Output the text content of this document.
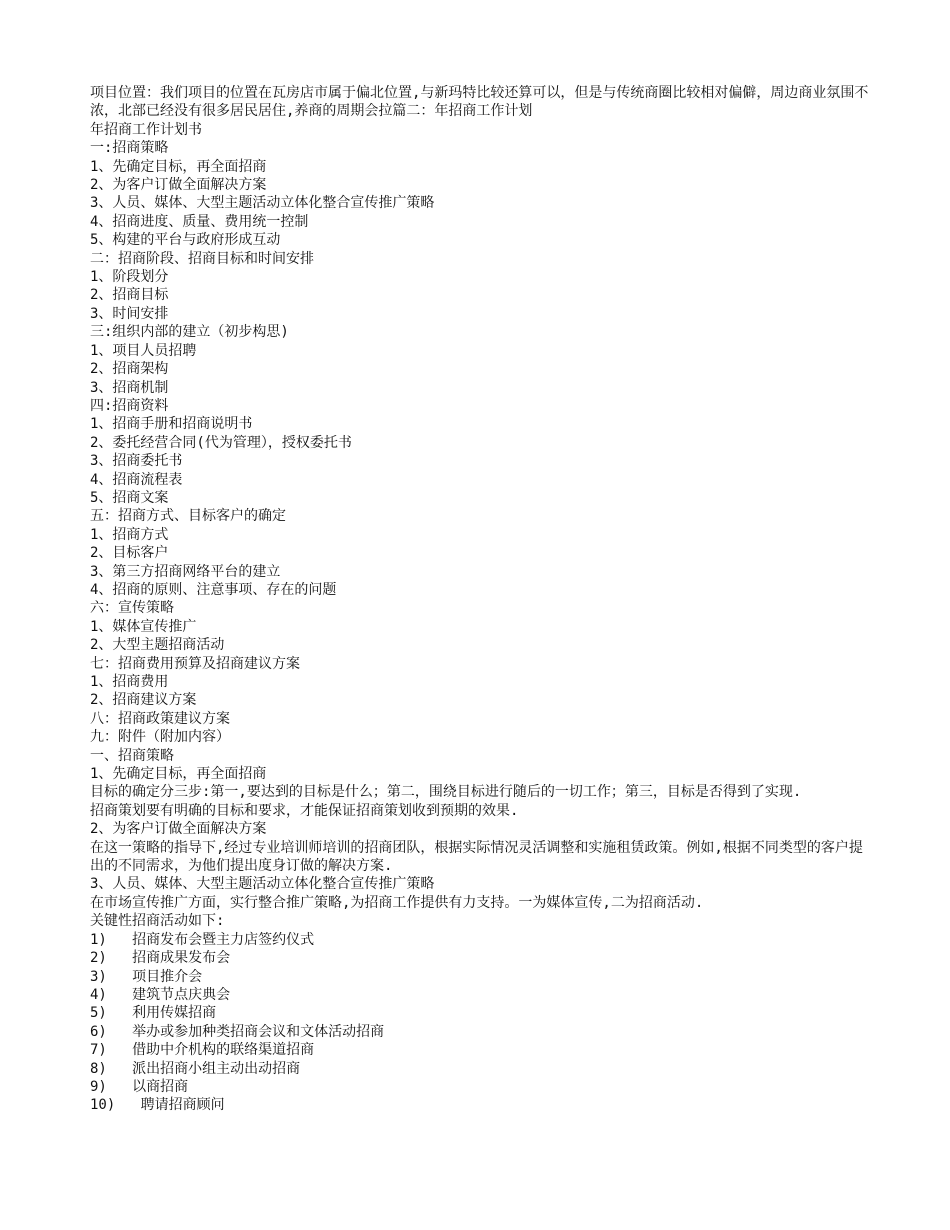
项目位置：我们项目的位置在瓦房店市属于偏北位置,与新玛特比较还算可以，但是与传统商圈比较相对偏僻，周边商业氛围不浓，北部已经没有很多居民居住,养商的周期会拉篇二：年招商工作计划

年招商工作计划书

一:招商策略

1、先确定目标，再全面招商

2、为客户订做全面解决方案

3、人员、媒体、大型主题活动立体化整合宣传推广策略

4、招商进度、质量、费用统一控制

5、构建的平台与政府形成互动

二：招商阶段、招商目标和时间安排

1、阶段划分

2、招商目标

3、时间安排

三:组织内部的建立（初步构思)

1、项目人员招聘

2、招商架构

3、招商机制

四:招商资料

1、招商手册和招商说明书

2、委托经营合同(代为管理），授权委托书

3、招商委托书

4、招商流程表

5、招商文案

五：招商方式、目标客户的确定

1、招商方式

2、目标客户

3、第三方招商网络平台的建立

4、招商的原则、注意事项、存在的问题

六：宣传策略

1、媒体宣传推广

2、大型主题招商活动

七：招商费用预算及招商建议方案

1、招商费用

2、招商建议方案

八：招商政策建议方案

九：附件（附加内容）

一、招商策略

1、先确定目标，再全面招商

目标的确定分三步:第一,要达到的目标是什么；第二，围绕目标进行随后的一切工作；第三，目标是否得到了实现.

招商策划要有明确的目标和要求，才能保证招商策划收到预期的效果.

2、为客户订做全面解决方案

在这一策略的指导下,经过专业培训师培训的招商团队，根据实际情况灵活调整和实施租赁政策。例如,根据不同类型的客户提出的不同需求，为他们提出度身订做的解决方案.

3、人员、媒体、大型主题活动立体化整合宣传推广策略

在市场宣传推广方面，实行整合推广策略,为招商工作提供有力支持。一为媒体宣传,二为招商活动.

关键性招商活动如下:

1)   招商发布会暨主力店签约仪式

2)   招商成果发布会

3)   项目推介会

4)   建筑节点庆典会

5)   利用传媒招商

6)   举办或参加种类招商会议和文体活动招商

7)   借助中介机构的联络渠道招商

8)   派出招商小组主动出动招商

9)   以商招商

10)   聘请招商顾问
